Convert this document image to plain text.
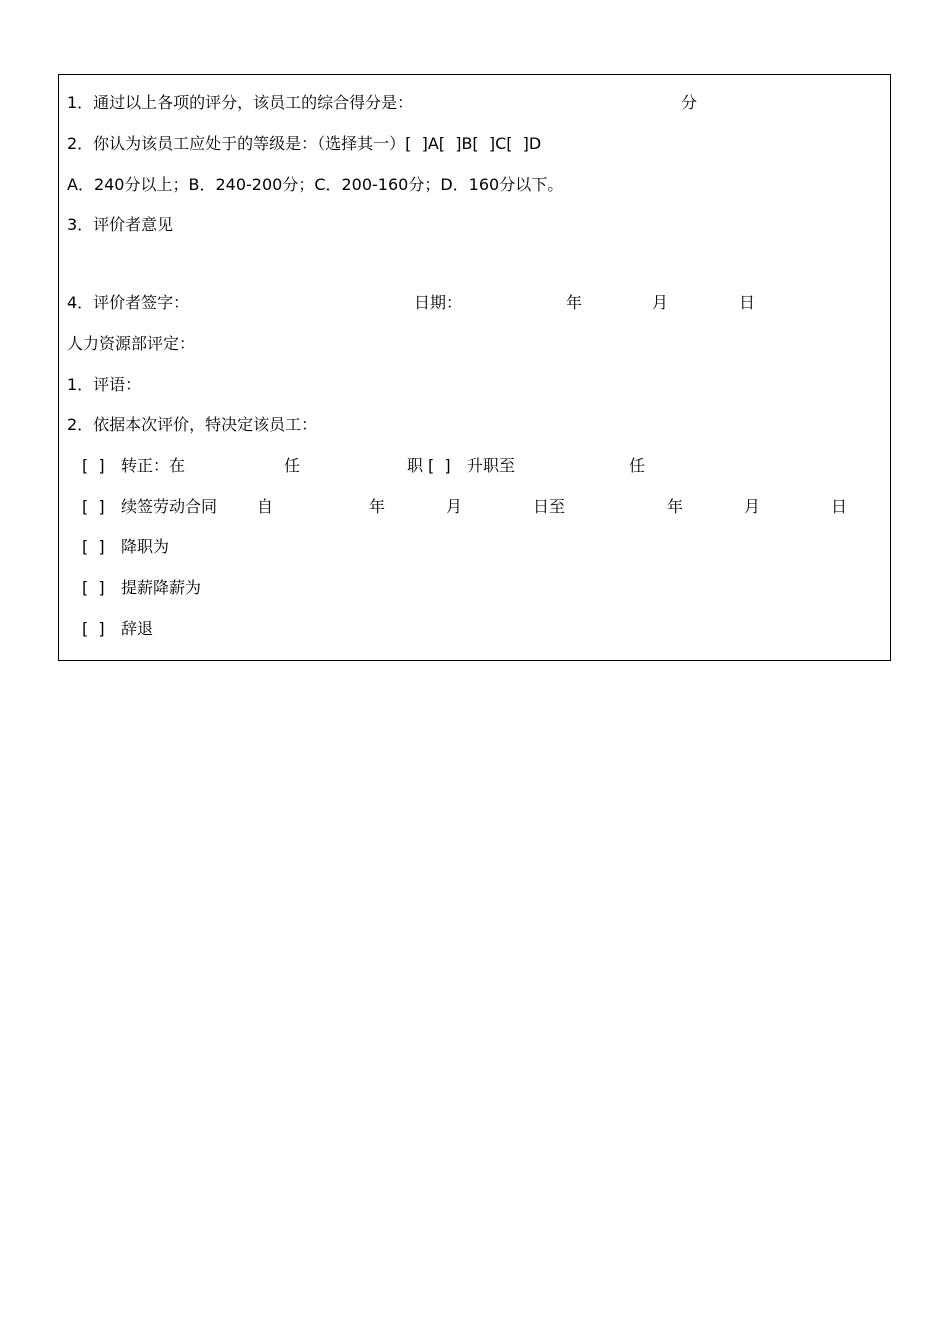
1．通过以上各项的评分，该员工的综合得分是：	分

2．你认为该员工应处于的等级是：（选择其一）[  ]A[  ]B[  ]C[  ]D

A．240分以上；B．240-200分；C．200-160分；D．160分以下。

3．评价者意见

4．评价者签字：	日期：	年	月	日

人力资源部评定：

1．评语：

2．依据本次评价，特决定该员工：

[  ] 转正：在	任	职 [  ] 升职至	任

[  ] 续签劳动合同 自	年	月	日至	年	月	日

[  ] 降职为

[  ] 提薪降薪为

[  ] 辞退
